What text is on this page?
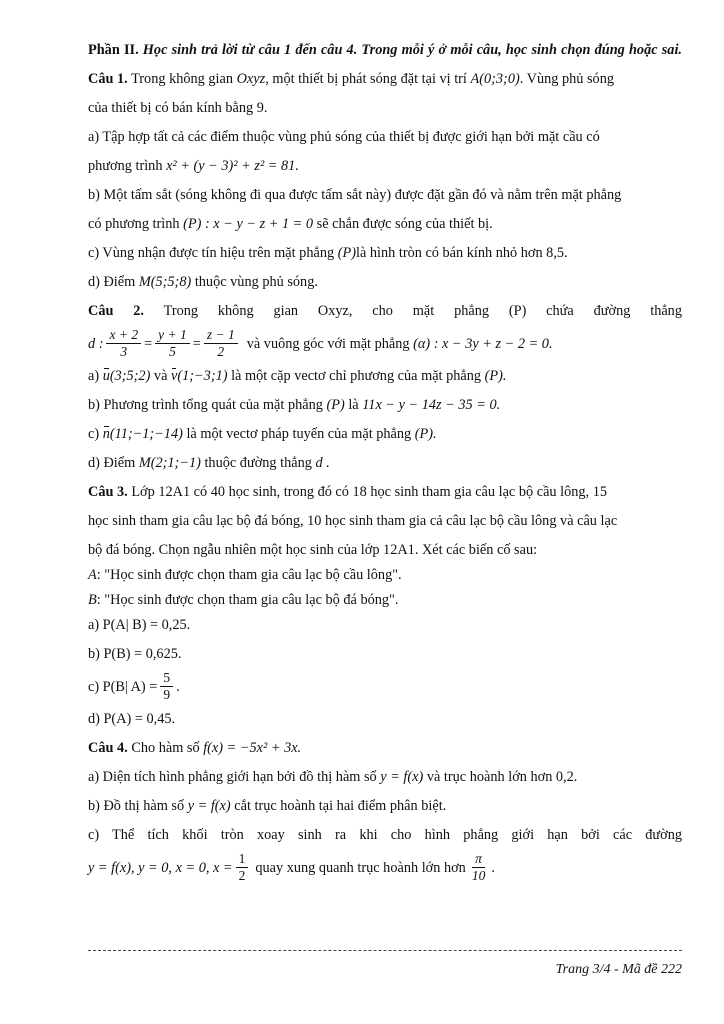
Phần II. Học sinh trả lời từ câu 1 đến câu 4. Trong mỗi ý ở mỗi câu, học sinh chọn đúng hoặc sai.

Câu 1. Trong không gian Oxyz, một thiết bị phát sóng đặt tại vị trí A(0;3;0). Vùng phủ sóng

của thiết bị có bán kính bằng 9.

a) Tập hợp tất cả các điểm thuộc vùng phủ sóng của thiết bị được giới hạn bởi mặt cầu có

phương trình x² + (y − 3)² + z² = 81.

b) Một tấm sắt (sóng không đi qua được tấm sắt này) được đặt gần đó và nằm trên mặt phẳng

có phương trình (P) : x − y − z + 1 = 0 sẽ chắn được sóng của thiết bị.

c) Vùng nhận được tín hiệu trên mặt phẳng (P)là hình tròn có bán kính nhỏ hơn 8,5.

d) Điểm M(5;5;8) thuộc vùng phủ sóng.

Câu 2. Trong không gian Oxyz, cho mặt phẳng (P) chứa đường thẳng

d : $\frac{x + 2}{3} = \frac{y + 1}{5} = \frac{z - 1}{2}$ và vuông góc với mặt phẳng
(α) : x − 3y + z − 2 = 0.

a) u(3;5;2) và v(1;−3;1) là một cặp vectơ chỉ phương của mặt phẳng (P).

b) Phương trình tổng quát của mặt phẳng (P) là 11x − y − 14z − 35 = 0.

c) n(11;−1;−14) là một vectơ pháp tuyến của mặt phẳng (P).

d) Điểm M(2;1;−1) thuộc đường thẳng d .

Câu 3. Lớp 12A1 có 40 học sinh, trong đó có 18 học sinh tham gia câu lạc bộ cầu lông, 15

học sinh tham gia câu lạc bộ đá bóng, 10 học sinh tham gia cả câu lạc bộ cầu lông và câu lạc

bộ đá bóng. Chọn ngẫu nhiên một học sinh của lớp 12A1. Xét các biến cố sau:

A: "Học sinh được chọn tham gia câu lạc bộ cầu lông".

B: "Học sinh được chọn tham gia câu lạc bộ đá bóng".

a) P(A| B) = 0,25.

b) P(B) = 0,625.

c) P(B| $A) = \frac{5}{9}$ .

d) P(A) = 0,45.

Câu 4. Cho hàm số f(x) = −5x² + 3x.

a) Diện tích hình phẳng giới hạn bởi đồ thị hàm số y = f(x) và trục hoành lớn hơn 0,2.

b) Đồ thị hàm số y = f(x) cắt trục hoành tại hai điểm phân biệt.

c) Thể tích khối tròn xoay sinh ra khi cho hình phẳng giới hạn bởi các đường

y = f(x), y = 0, x = 0, $x = \frac{1}{2}$ quay xung quanh trục hoành lớn hơn $\frac{\pi}{10}$ .
Trang 3/4 - Mã đề 222
